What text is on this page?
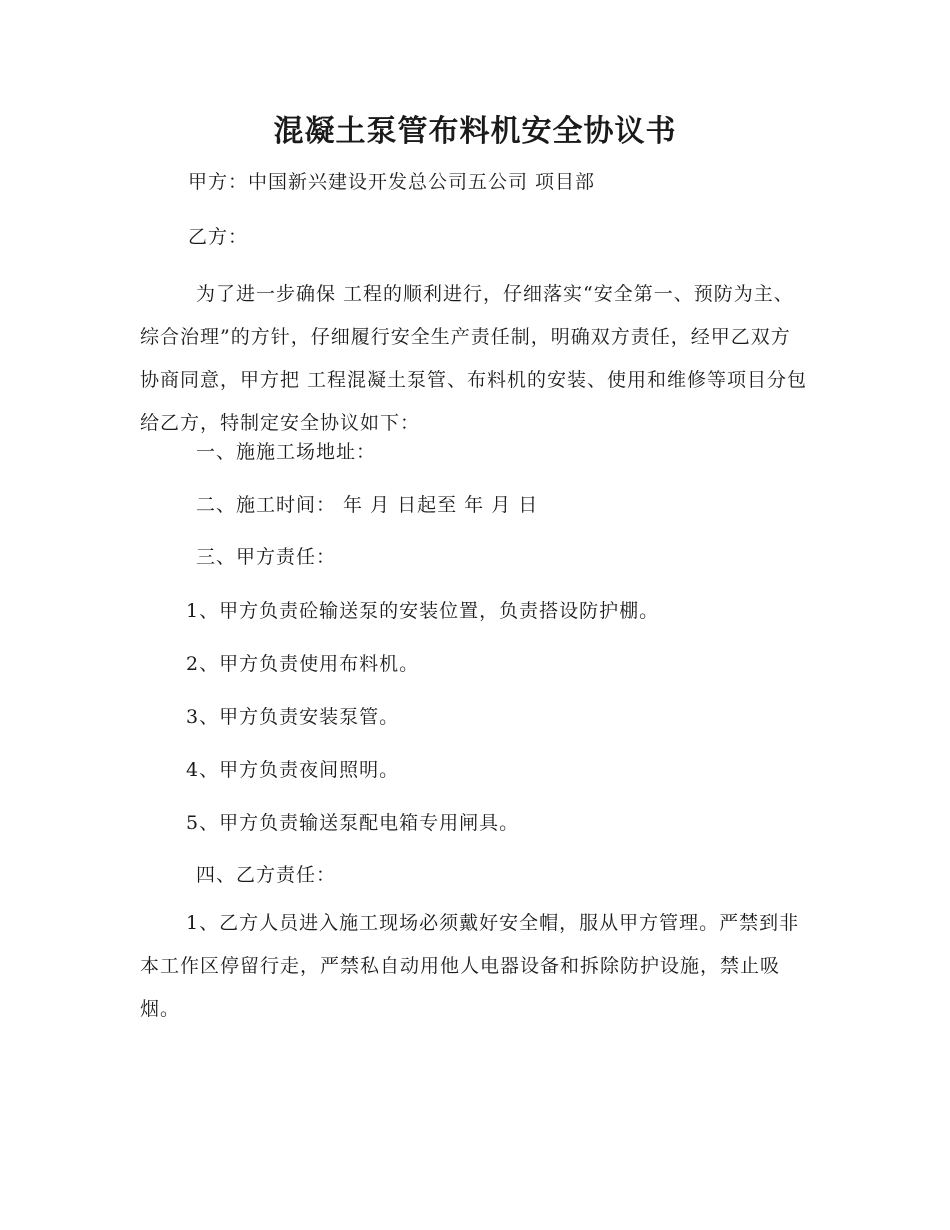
混凝土泵管布料机安全协议书

甲方：中国新兴建设开发总公司五公司 项目部

乙方：

为了进一步确保 工程的顺利进行，仔细落实“安全第一、预防为主、综合治理”的方针，仔细履行安全生产责任制，明确双方责任，经甲乙双方协商同意，甲方把 工程混凝土泵管、布料机的安装、使用和维修等项目分包给乙方，特制定安全协议如下：

一、施施工场地址：

二、施工时间： 年 月 日起至 年 月 日

三、甲方责任：

1、甲方负责砼输送泵的安装位置，负责搭设防护棚。

2、甲方负责使用布料机。

3、甲方负责安装泵管。

4、甲方负责夜间照明。

5、甲方负责输送泵配电箱专用闸具。

四、乙方责任：

1、乙方人员进入施工现场必须戴好安全帽，服从甲方管理。严禁到非本工作区停留行走，严禁私自动用他人电器设备和拆除防护设施，禁止吸烟。
